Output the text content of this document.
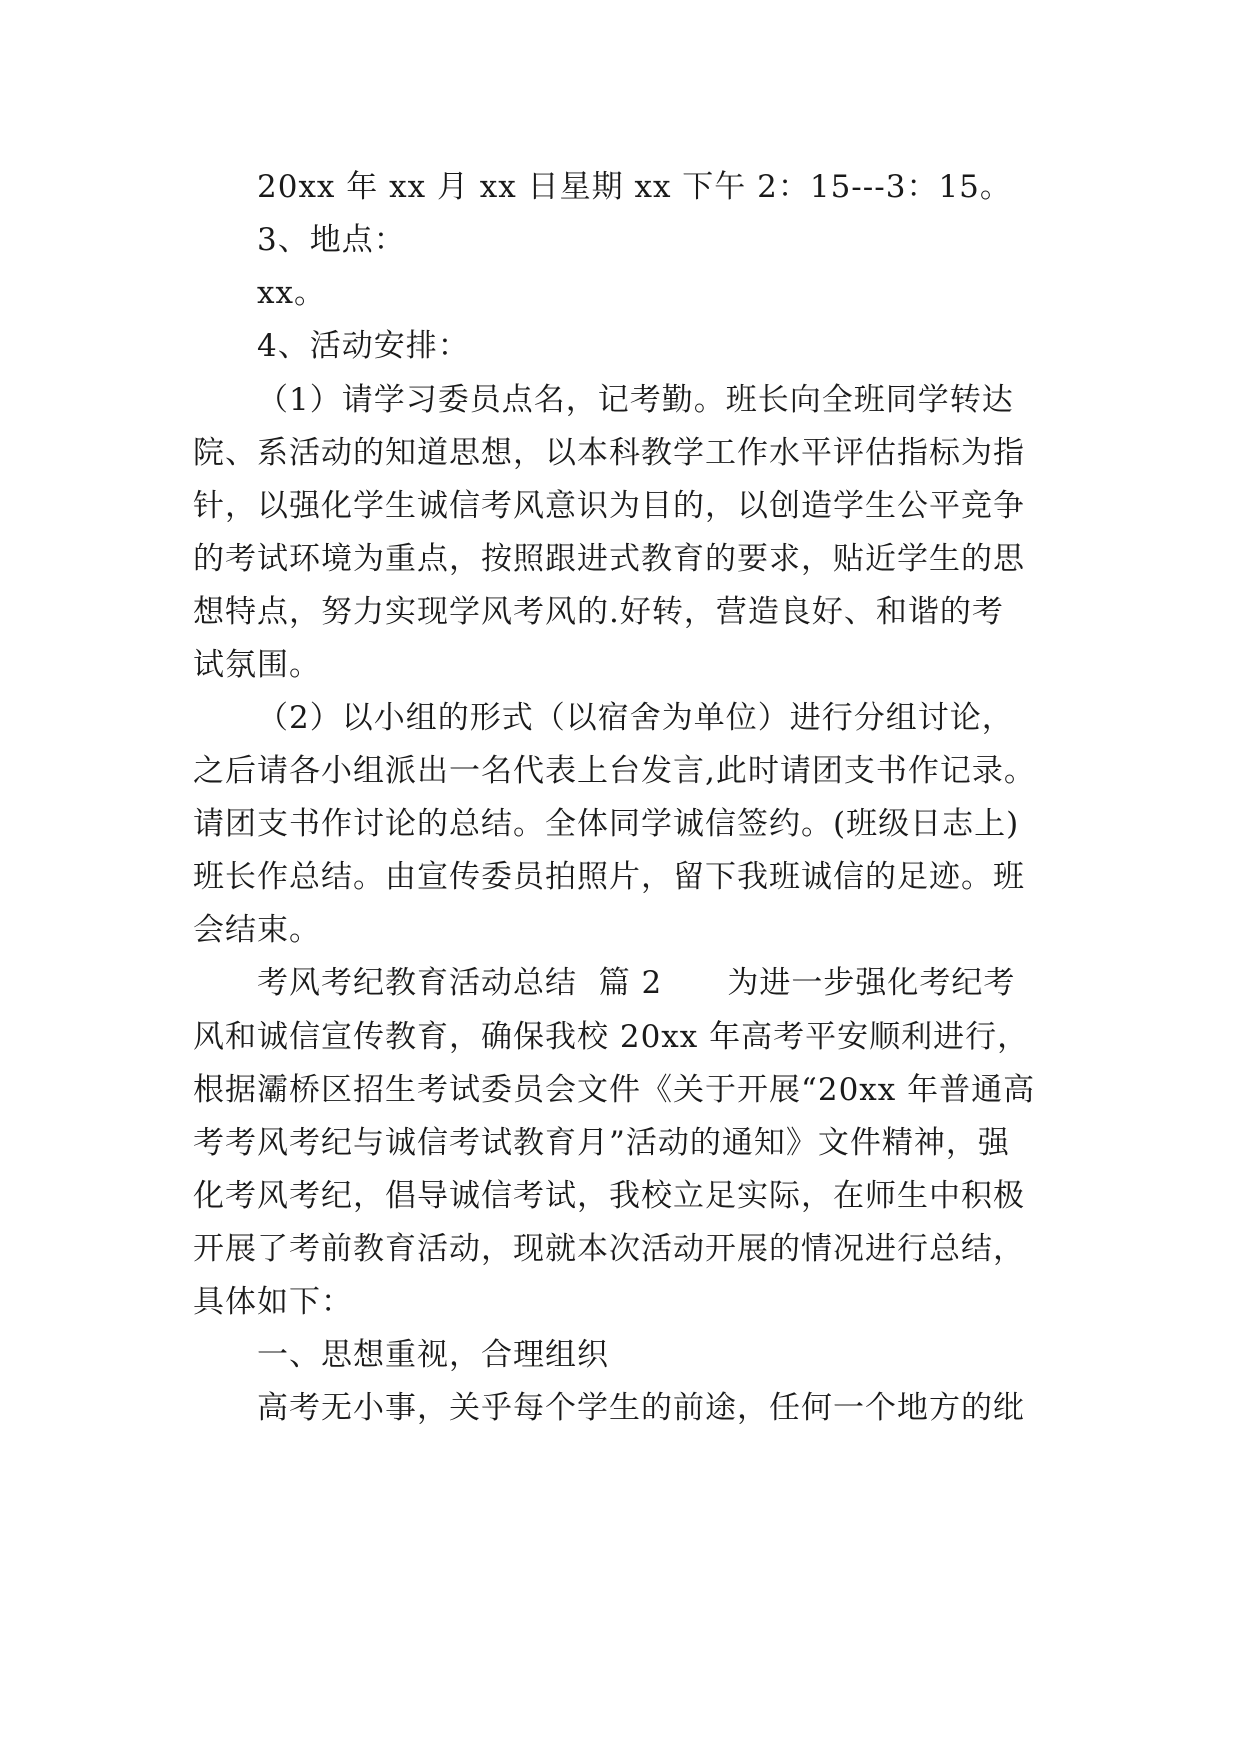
20xx 年 xx 月 xx 日星期 xx 下午 2：15---3：15。
3、地点：
xx。
4、活动安排：
（1）请学习委员点名，记考勤。班长向全班同学转达
院、系活动的知道思想，以本科教学工作水平评估指标为指
针，以强化学生诚信考风意识为目的，以创造学生公平竞争
的考试环境为重点，按照跟进式教育的要求，贴近学生的思
想特点，努力实现学风考风的.好转，营造良好、和谐的考
试氛围。
（2）以小组的形式（以宿舍为单位）进行分组讨论，
之后请各小组派出一名代表上台发言,此时请团支书作记录。
请团支书作讨论的总结。全体同学诚信签约。(班级日志上)
班长作总结。由宣传委员拍照片，留下我班诚信的足迹。班
会结束。
考风考纪教育活动总结  篇 2      为进一步强化考纪考
风和诚信宣传教育，确保我校 20xx 年高考平安顺利进行，
根据灞桥区招生考试委员会文件《关于开展“20xx 年普通高
考考风考纪与诚信考试教育月”活动的通知》文件精神，强
化考风考纪，倡导诚信考试，我校立足实际，在师生中积极
开展了考前教育活动，现就本次活动开展的情况进行总结，
具体如下：
一、思想重视，合理组织
高考无小事，关乎每个学生的前途，任何一个地方的纰
